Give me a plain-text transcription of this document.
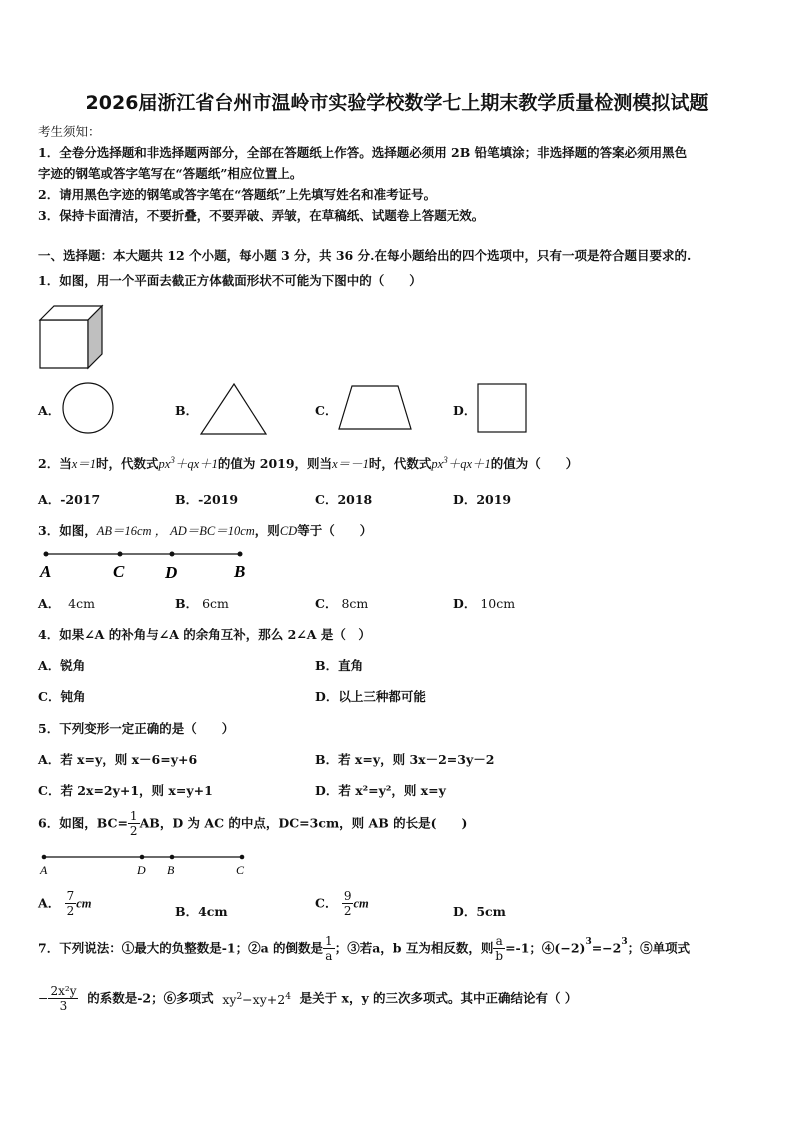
2026届浙江省台州市温岭市实验学校数学七上期末教学质量检测模拟试题
考生须知：
1．全卷分选择题和非选择题两部分，全部在答题纸上作答。选择题必须用 2B 铅笔填涂；非选择题的答案必须用黑色
字迹的钢笔或答字笔写在“答题纸”相应位置上。
2．请用黑色字迹的钢笔或答字笔在“答题纸”上先填写姓名和准考证号。
3．保持卡面清洁，不要折叠，不要弄破、弄皱，在草稿纸、试题卷上答题无效。
一、选择题：本大题共 12 个小题，每小题 3 分，共 36 分.在每小题给出的四个选项中，只有一项是符合题目要求的.
1．如图，用一个平面去截正方体截面形状不可能为下图中的（　　）
A．	B．	C．	D．
2．当x＝1时，代数式$px^3+qx+1$的值为 2019，则当x＝－1时，代数式$px^3+qx+1$的值为（　　）
A．-2017	B．-2019	C．2018	D．2019
3．如图，AB＝16cm ， AD＝BC＝10cm，则CD等于（　　）
A	C D	B
A． 4cm	B． 6cm	C． 8cm	D． 10cm
4．如果∠A 的补角与∠A 的余角互补，那么 2∠A 是（　）
A．锐角	B．直角
C．钝角	D．以上三种都可能
5．下列变形一定正确的是（　　）
A．若 x=y，则 x－6=y+6	B．若 x=y，则 3x－2=3y－2
C．若 2x=2y+1，则 x=y+1	D．若 x²=y²，则 x=y
6．如图，$BC= \frac{1}{2}$ AB，D 为 AC 的中点，DC=3cm，则 AB 的长是(　　)
A	D B	C
A． $\frac{7}{2}$ cm
B．4cm
C． $\frac{9}{2}$ cm
D．5cm
7．下列说法：①最大的负整数是-1；②a 的倒数是 $\frac{1}{a}$ ；③若a，b 互为相反数，则 $\frac{a}{b} =-1$；$④(-2)^3=-2^3$；⑤单项式
− $\frac{\text{2x²y}}{3}$ 的系数是-2；⑥多项式 $xy^2-xy+2^4$ 是关于 x，y 的三次多项式。其中正确结论有（ ）
